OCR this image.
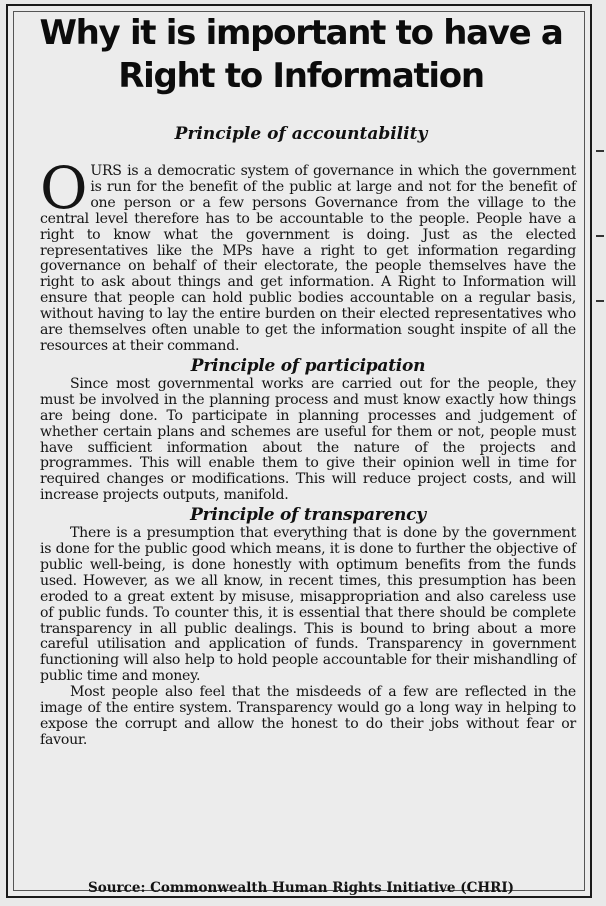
Why it is important to have a
Right to Information
Principle of accountability
OURS is a democratic system of governance in which the government is run for the benefit of the public at large and not for the benefit of one person or a few persons Governance from the village to the central level therefore has to be accountable to the people. People have a right to know what the government is doing. Just as the elected representatives like the MPs have a right to get information regarding governance on behalf of their electorate, the people themselves have the right to ask about things and get information. A Right to Information will ensure that people can hold public bodies accountable on a regular basis, without having to lay the entire burden on their elected representatives who are themselves often unable to get the information sought inspite of all the resources at their command.
Principle of participation
Since most governmental works are carried out for the people, they must be involved in the planning process and must know exactly how things are being done. To participate in planning processes and judgement of whether certain plans and schemes are useful for them or not, people must have sufficient information about the nature of the projects and programmes. This will enable them to give their opinion well in time for required changes or modifications. This will reduce project costs, and will increase projects outputs, manifold.
Principle of transparency
There is a presumption that everything that is done by the government is done for the public good which means, it is done to further the objective of public well-being, is done honestly with optimum benefits from the funds used. However, as we all know, in recent times, this presumption has been eroded to a great extent by misuse, misappropriation and also careless use of public funds. To counter this, it is essential that there should be complete transparency in all public dealings. This is bound to bring about a more careful utilisation and application of funds. Transparency in government functioning will also help to hold people accountable for their mishandling of public time and money.
Most people also feel that the misdeeds of a few are reflected in the image of the entire system. Transparency would go a long way in helping to expose the corrupt and allow the honest to do their jobs without fear or favour.
Source: Commonwealth Human Rights Initiative (CHRI)
